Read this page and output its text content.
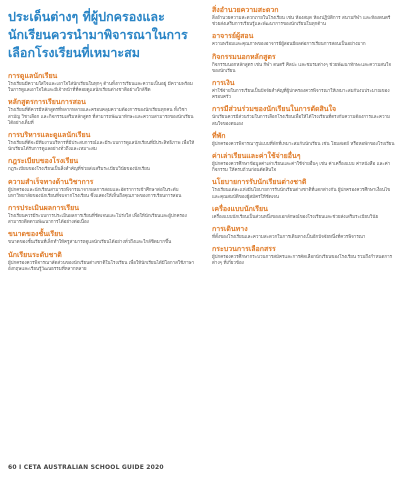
ประเด็นต่างๆ ที่ผู้ปกครองและนักเรียนควรนำมาพิจารณาในการเลือกโรงเรียนที่เหมาะสม
การดูแลนักเรียน
โรงเรียนมีความใส่ใจและเอาใจใส่นักเรียนในทุกๆ ด้านทั้งการเรียนและความเป็นอยู่ มีความพร้อมในการดูแลเอาใจใส่และมีเจ้าหน้าที่ที่คอยดูแลนักเรียนต่างชาติอย่างใกล้ชิด
หลักสูตรการเรียนการสอน
โรงเรียนที่ดีควรมีหลักสูตรที่หลากหลายและครอบคลุมความต้องการของนักเรียนทุกคน ทั้งวิชาสามัญ วิชาเลือก และกิจกรรมเสริมหลักสูตร ที่สามารถพัฒนาทักษะและความสามารถของนักเรียนได้อย่างเต็มที่
การบริหารและดูแลนักเรียน
โรงเรียนที่ดีจะมีทีมงานบริหารที่มีประสบการณ์และมีระบบการดูแลนักเรียนที่มีประสิทธิภาพ เพื่อให้นักเรียนได้รับการดูแลอย่างทั่วถึงและเหมาะสม
กฎระเบียบของโรงเรียน
กฎระเบียบของโรงเรียนเป็นสิ่งสำคัญที่ช่วยส่งเสริมระเบียบวินัยของนักเรียน
ความสำเร็จทางด้านวิชาการ
ผู้ปกครองและนักเรียนสามารถพิจารณาจากผลการสอบและอัตราการเข้าศึกษาต่อในระดับมหาวิทยาลัยของนักเรียนที่จบจากโรงเรียน ซึ่งแสดงให้เห็นถึงคุณภาพของการเรียนการสอน
การประเมินผลการเรียน
โรงเรียนควรมีระบบการประเมินผลการเรียนที่ชัดเจนและโปร่งใส เพื่อให้นักเรียนและผู้ปกครองสามารถติดตามพัฒนาการได้อย่างต่อเนื่อง
ขนาดของชั้นเรียน
ขนาดของชั้นเรียนที่เล็กทำให้ครูสามารถดูแลนักเรียนได้อย่างทั่วถึงและใกล้ชิดมากขึ้น
นักเรียนระดับชาติ
ผู้ปกครองควรพิจารณาสัดส่วนของนักเรียนต่างชาติในโรงเรียน เพื่อให้นักเรียนได้มีโอกาสใช้ภาษาอังกฤษและเรียนรู้วัฒนธรรมที่หลากหลาย
สิ่งอำนวยความสะดวก
สิ่งอำนวยความสะดวกภายในโรงเรียน เช่น ห้องสมุด ห้องปฏิบัติการ สนามกีฬา และห้องดนตรี ช่วยส่งเสริมการเรียนรู้และพัฒนาการของนักเรียนในทุกด้าน
อาจารย์ผู้สอน
ความพร้อมและคุณภาพของอาจารย์ผู้สอนมีผลต่อการเรียนการสอนเป็นอย่างมาก
กิจกรรมนอกหลักสูตร
กิจกรรมนอกหลักสูตร เช่น กีฬา ดนตรี ศิลปะ และชมรมต่างๆ ช่วยพัฒนาทักษะและความสนใจของนักเรียน
การเงิน
ค่าใช้จ่ายในการเรียนเป็นปัจจัยสำคัญที่ผู้ปกครองควรพิจารณาให้เหมาะสมกับงบประมาณของครอบครัว
การมีส่วนร่วมของนักเรียนในการตัดสินใจ
นักเรียนควรมีส่วนร่วมในการเลือกโรงเรียนเพื่อให้ได้โรงเรียนที่ตรงกับความต้องการและความสนใจของตนเอง
ที่พัก
ผู้ปกครองควรพิจารณารูปแบบที่พักที่เหมาะสมกับนักเรียน เช่น โฮมสเตย์ หรือหอพักของโรงเรียน
ค่าเล่าเรียนและค่าใช้จ่ายอื่นๆ
ผู้ปกครองควรศึกษาข้อมูลค่าเล่าเรียนและค่าใช้จ่ายอื่นๆ เช่น ค่าเครื่องแบบ ค่าหนังสือ และค่ากิจกรรม ให้ครบถ้วนก่อนตัดสินใจ
นโยบายการรับนักเรียนต่างชาติ
โรงเรียนแต่ละแห่งมีนโยบายการรับนักเรียนต่างชาติที่แตกต่างกัน ผู้ปกครองควรศึกษาเงื่อนไขและคุณสมบัติของผู้สมัครให้ชัดเจน
เครื่องแบบนักเรียน
เครื่องแบบนักเรียนเป็นส่วนหนึ่งของเอกลักษณ์ของโรงเรียนและช่วยส่งเสริมระเบียบวินัย
การเดินทาง
ที่ตั้งของโรงเรียนและความสะดวกในการเดินทางเป็นอีกปัจจัยหนึ่งที่ควรพิจารณา
กระบวนการเลือกสรร
ผู้ปกครองควรศึกษากระบวนการสมัครและการคัดเลือกนักเรียนของโรงเรียน รวมถึงกำหนดการต่างๆ ที่เกี่ยวข้อง
60 I CETA AUSTRALIAN SCHOOL GUIDE 2020
